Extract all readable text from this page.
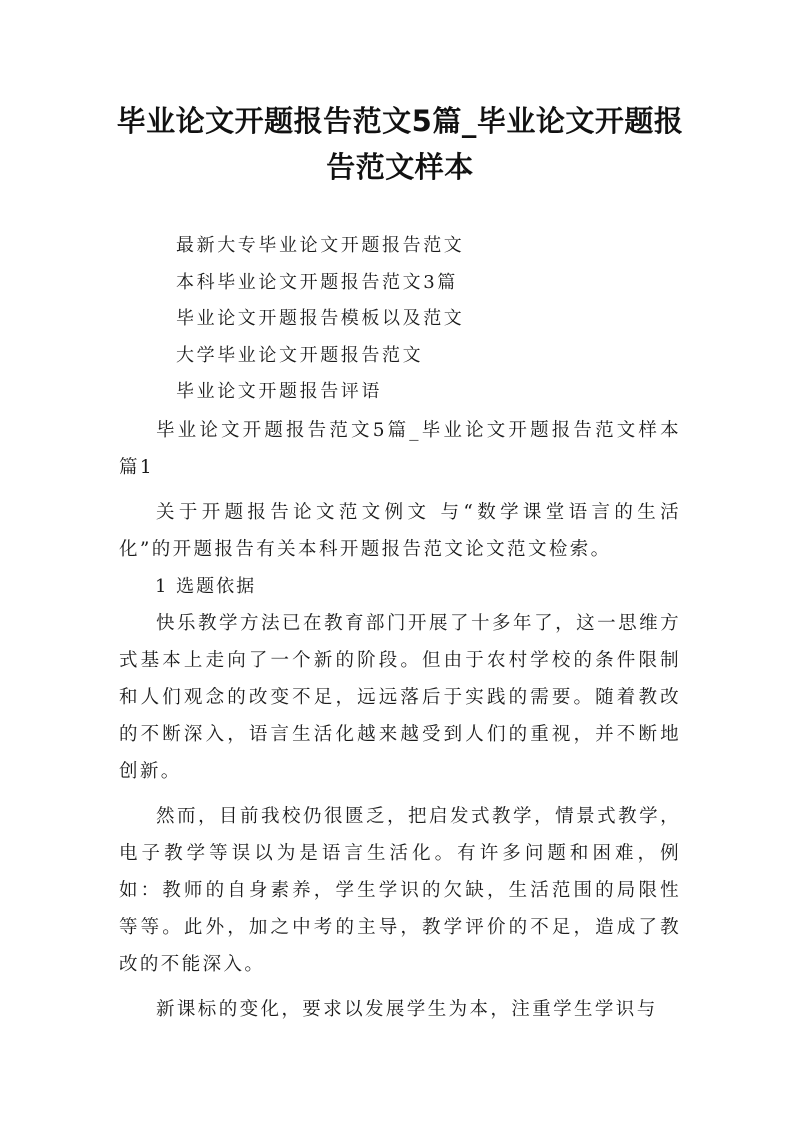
毕业论文开题报告范文5篇_毕业论文开题报告范文样本
最新大专毕业论文开题报告范文
本科毕业论文开题报告范文3篇
毕业论文开题报告模板以及范文
大学毕业论文开题报告范文
毕业论文开题报告评语

毕业论文开题报告范文5篇_毕业论文开题报告范文样本篇1

关于开题报告论文范文例文 与“数学课堂语言的生活化”的开题报告有关本科开题报告范文论文范文检索。

1 选题依据

快乐教学方法已在教育部门开展了十多年了，这一思维方式基本上走向了一个新的阶段。但由于农村学校的条件限制和人们观念的改变不足，远远落后于实践的需要。随着教改的不断深入，语言生活化越来越受到人们的重视，并不断地创新。

然而，目前我校仍很匮乏，把启发式教学，情景式教学，电子教学等误以为是语言生活化。有许多问题和困难，例如：教师的自身素养，学生学识的欠缺，生活范围的局限性等等。此外，加之中考的主导，教学评价的不足，造成了教改的不能深入。

新课标的变化，要求以发展学生为本，注重学生学识与
